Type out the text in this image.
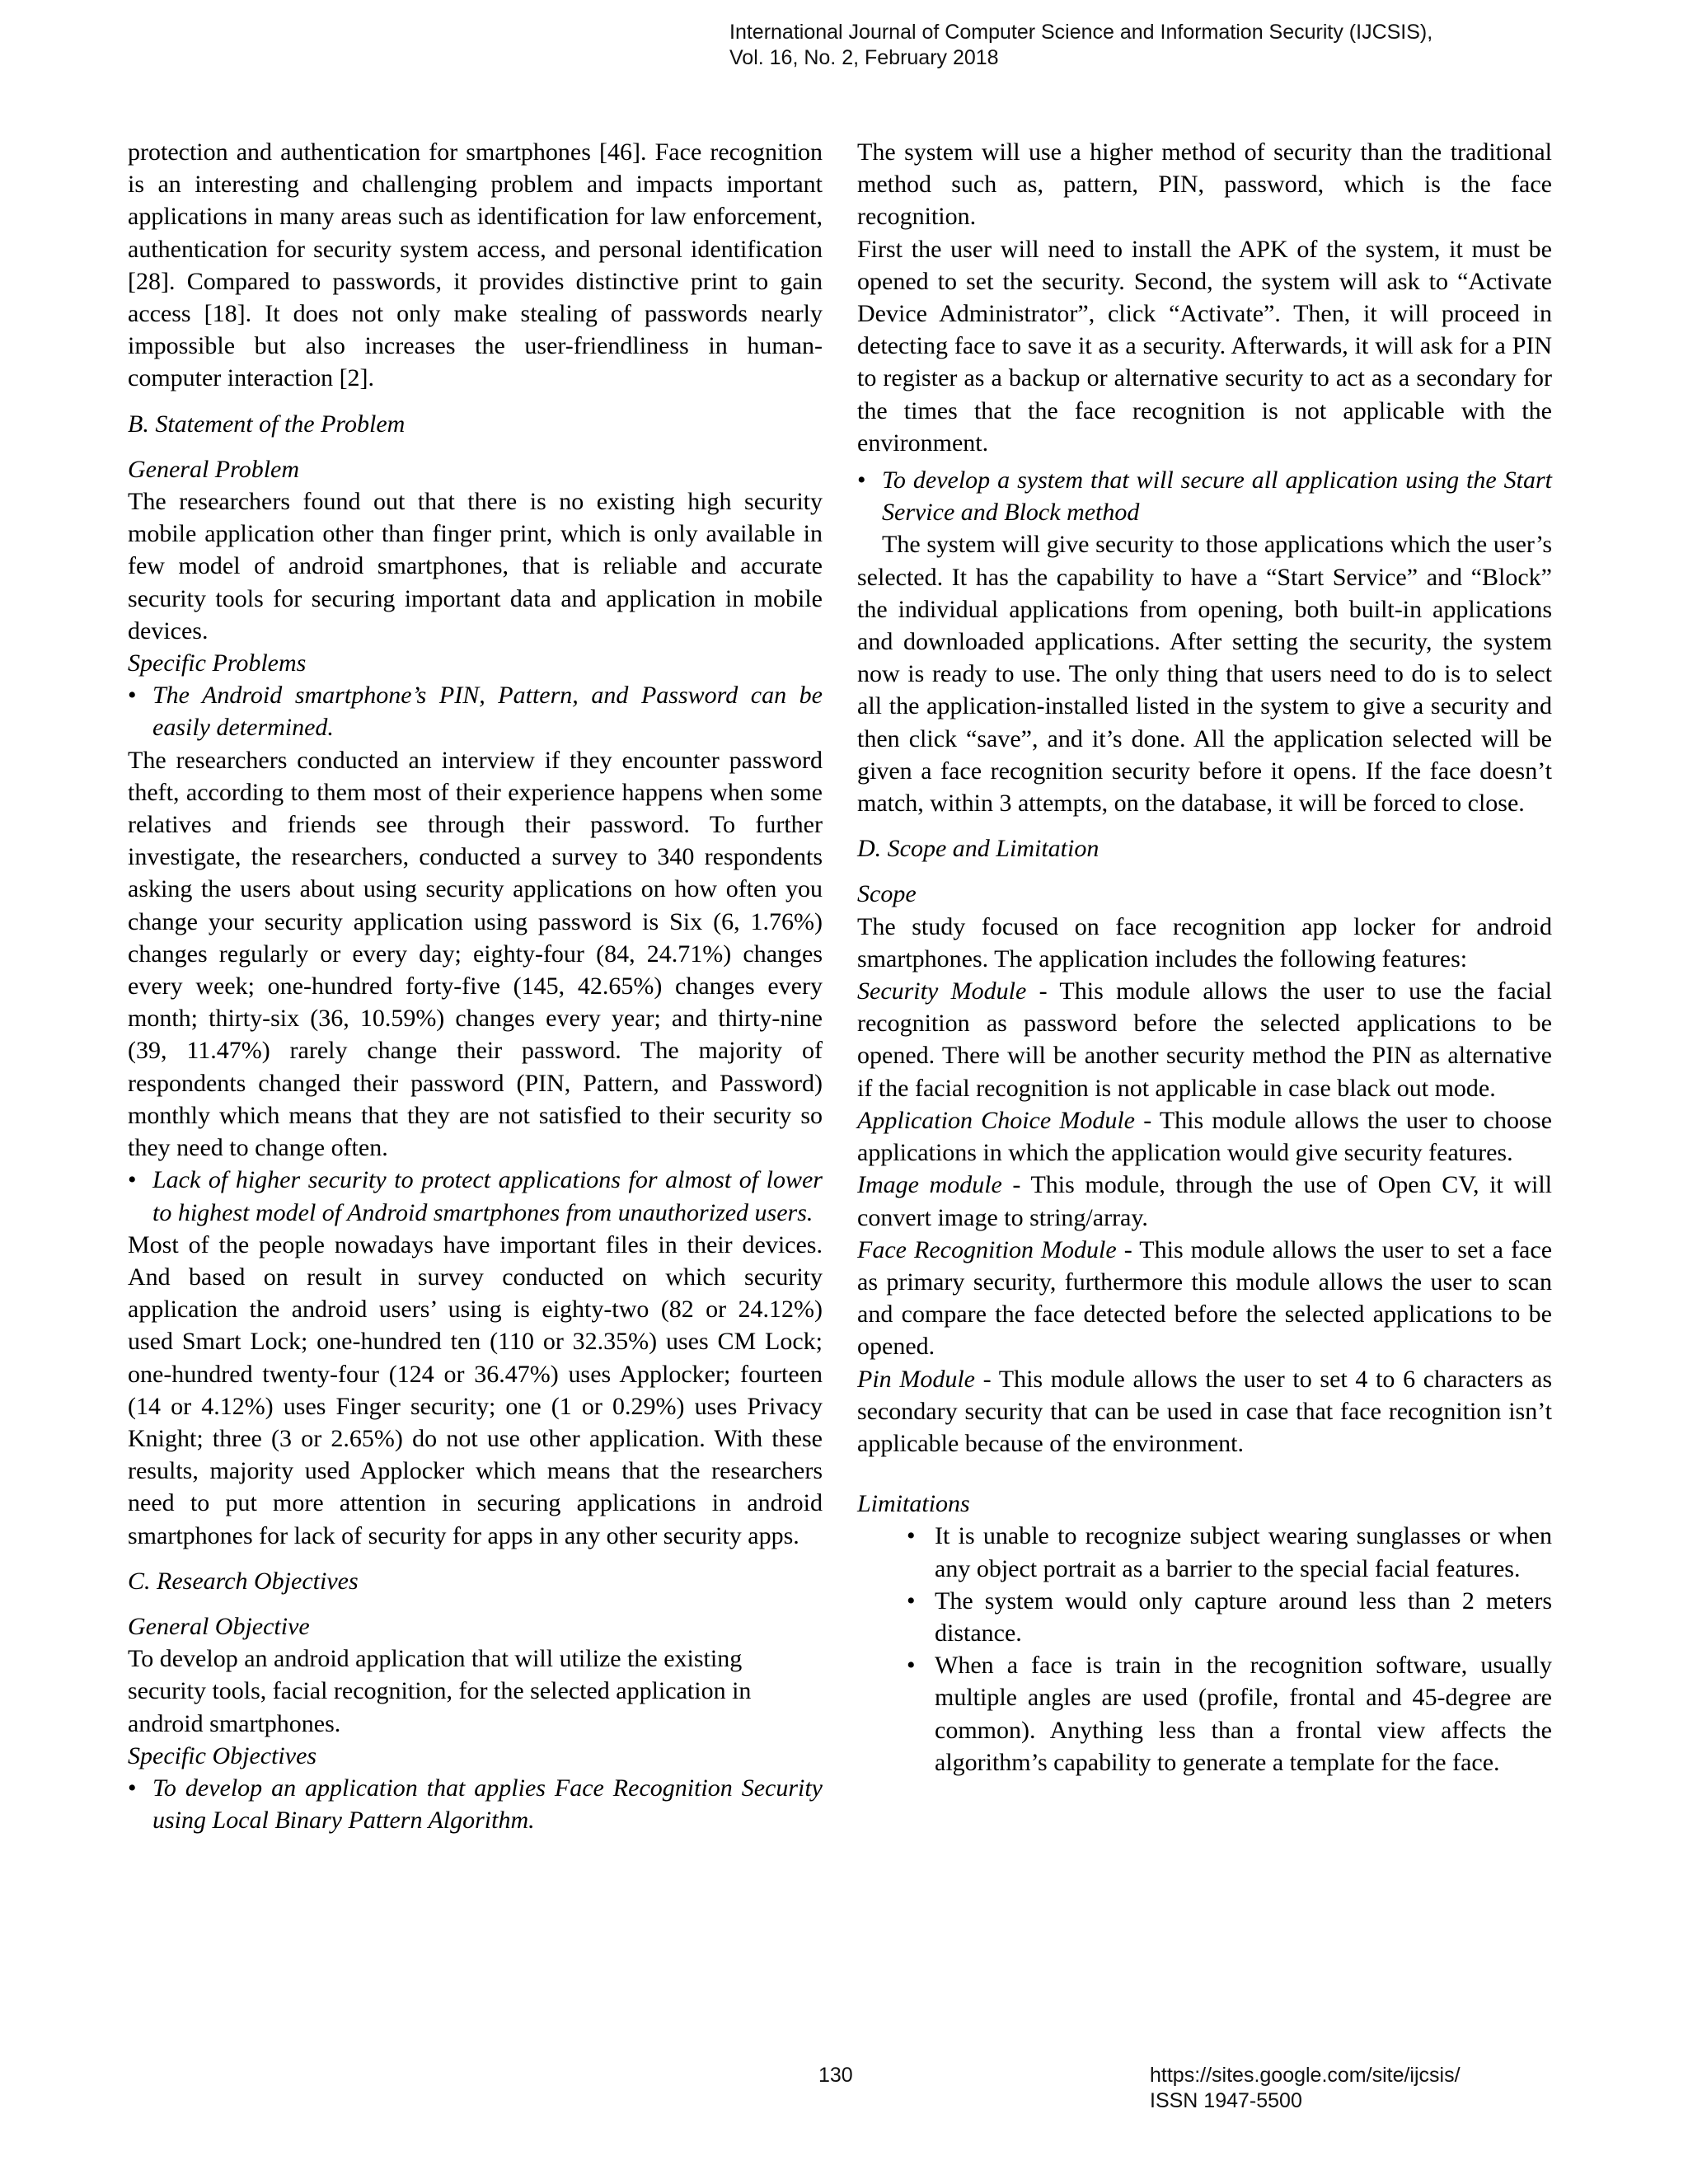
International Journal of Computer Science and Information Security (IJCSIS),
Vol. 16, No. 2, February 2018

protection and authentication for smartphones [46]. Face recognition is an interesting and challenging problem and impacts important applications in many areas such as identification for law enforcement, authentication for security system access, and personal identification [28]. Compared to passwords, it provides distinctive print to gain access [18]. It does not only make stealing of passwords nearly impossible but also increases the user-friendliness in human-computer interaction [2].

B. Statement of the Problem

General Problem

The researchers found out that there is no existing high security mobile application other than finger print, which is only available in few model of android smartphones, that is reliable and accurate security tools for securing important data and application in mobile devices.

Specific Problems

• The Android smartphone’s PIN, Pattern, and Password can be easily determined.

The researchers conducted an interview if they encounter password theft, according to them most of their experience happens when some relatives and friends see through their password. To further investigate, the researchers, conducted a survey to 340 respondents asking the users about using security applications on how often you change your security application using password is Six (6, 1.76%) changes regularly or every day; eighty-four (84, 24.71%) changes every week; one-hundred forty-five (145, 42.65%) changes every month; thirty-six (36, 10.59%) changes every year; and thirty-nine (39, 11.47%) rarely change their password. The majority of respondents changed their password (PIN, Pattern, and Password) monthly which means that they are not satisfied to their security so they need to change often.

• Lack of higher security to protect applications for almost of lower to highest model of Android smartphones from unauthorized users.

Most of the people nowadays have important files in their devices. And based on result in survey conducted on which security application the android users’ using is eighty-two (82 or 24.12%) used Smart Lock; one-hundred ten (110 or 32.35%) uses CM Lock; one-hundred twenty-four (124 or 36.47%) uses Applocker; fourteen (14 or 4.12%) uses Finger security; one (1 or 0.29%) uses Privacy Knight; three (3 or 2.65%) do not use other application. With these results, majority used Applocker which means that the researchers need to put more attention in securing applications in android smartphones for lack of security for apps in any other security apps.

C. Research Objectives

General Objective

To develop an android application that will utilize the existing security tools, facial recognition, for the selected application in android smartphones.

Specific Objectives

• To develop an application that applies Face Recognition Security using Local Binary Pattern Algorithm.

The system will use a higher method of security than the traditional method such as, pattern, PIN, password, which is the face recognition.

First the user will need to install the APK of the system, it must be opened to set the security. Second, the system will ask to “Activate Device Administrator”, click “Activate”. Then, it will proceed in detecting face to save it as a security. Afterwards, it will ask for a PIN to register as a backup or alternative security to act as a secondary for the times that the face recognition is not applicable with the environment.

• To develop a system that will secure all application using the Start Service and Block method

The system will give security to those applications which the user’s selected. It has the capability to have a “Start Service” and “Block” the individual applications from opening, both built-in applications and downloaded applications. After setting the security, the system now is ready to use. The only thing that users need to do is to select all the application-installed listed in the system to give a security and then click “save”, and it’s done. All the application selected will be given a face recognition security before it opens. If the face doesn’t match, within 3 attempts, on the database, it will be forced to close.

D. Scope and Limitation

Scope

The study focused on face recognition app locker for android smartphones. The application includes the following features:

Security Module - This module allows the user to use the facial recognition as password before the selected applications to be opened. There will be another security method the PIN as alternative if the facial recognition is not applicable in case black out mode.

Application Choice Module - This module allows the user to choose applications in which the application would give security features.

Image module - This module, through the use of Open CV, it will convert image to string/array.

Face Recognition Module - This module allows the user to set a face as primary security, furthermore this module allows the user to scan and compare the face detected before the selected applications to be opened.

Pin Module - This module allows the user to set 4 to 6 characters as secondary security that can be used in case that face recognition isn’t applicable because of the environment.

Limitations

• It is unable to recognize subject wearing sunglasses or when any object portrait as a barrier to the special facial features.
• The system would only capture around less than 2 meters distance.
• When a face is train in the recognition software, usually multiple angles are used (profile, frontal and 45-degree are common). Anything less than a frontal view affects the algorithm’s capability to generate a template for the face.
130	https://sites.google.com/site/ijcsis/
ISSN 1947-5500
